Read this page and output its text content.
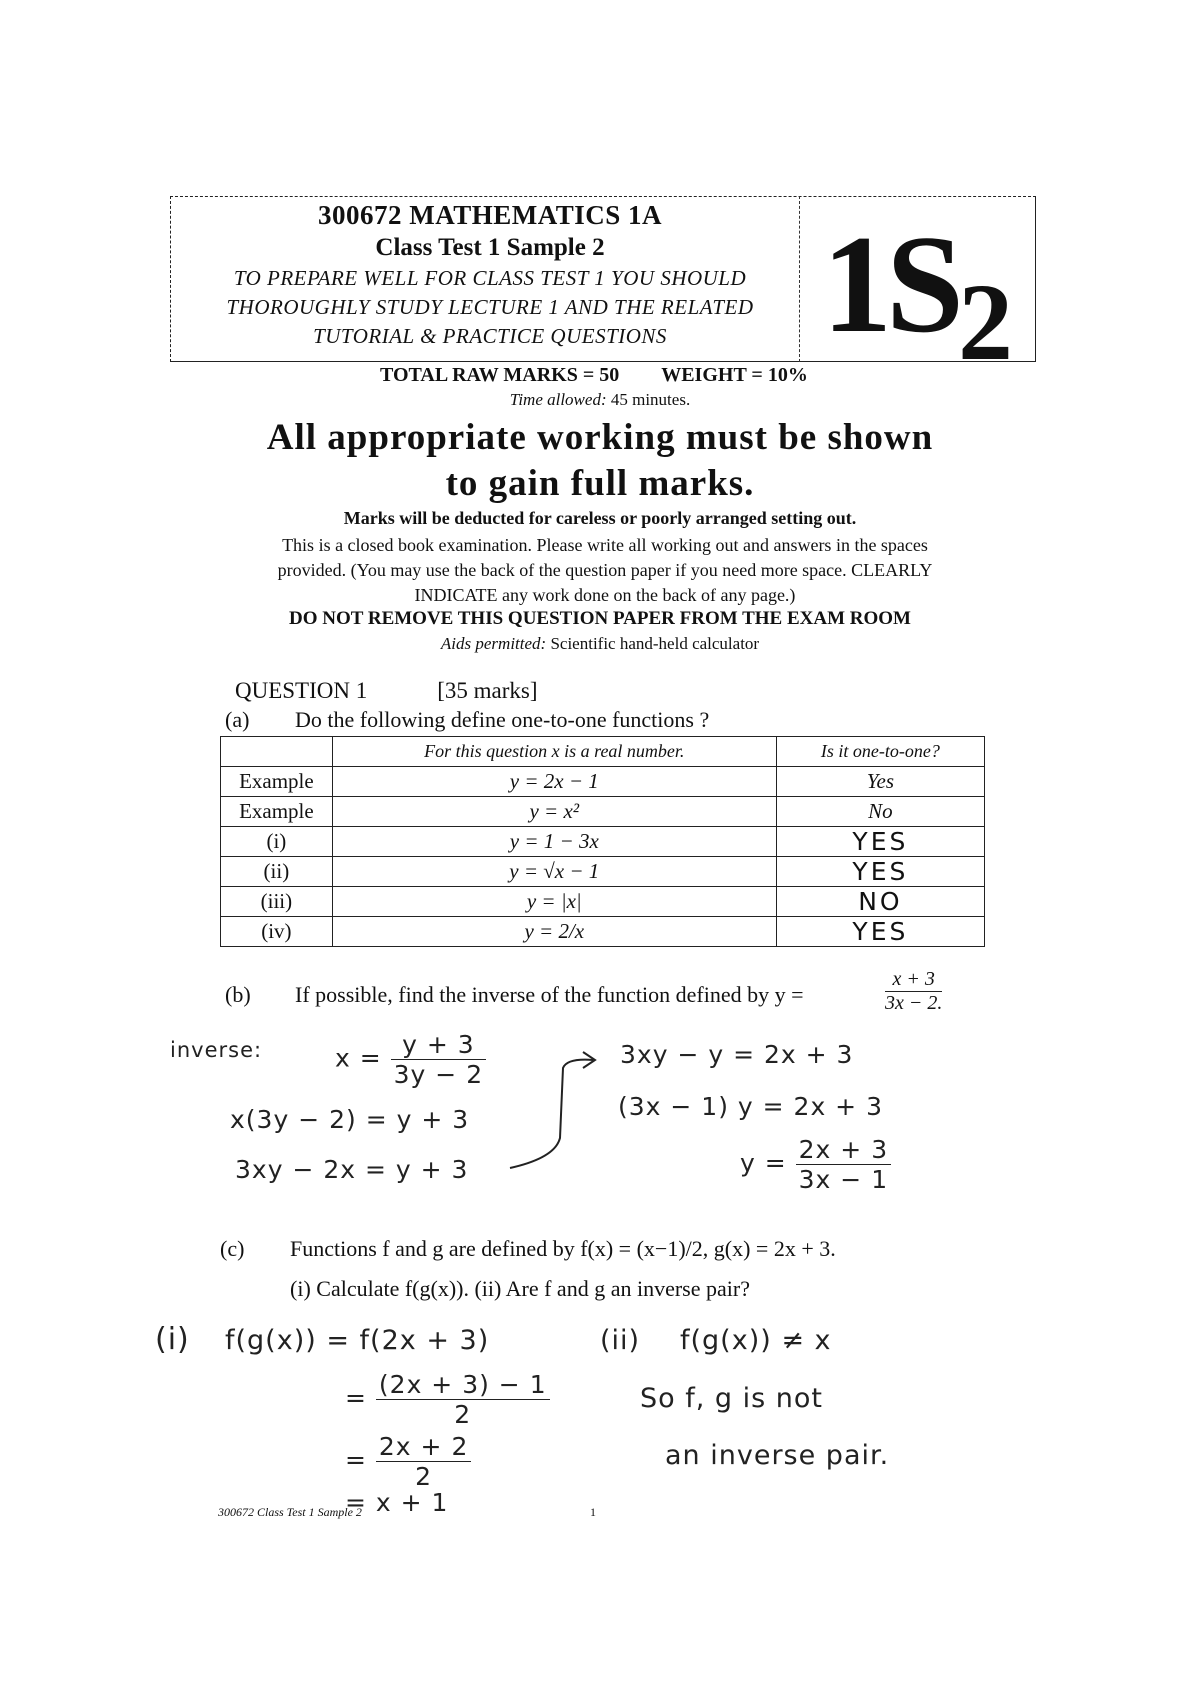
300672 MATHEMATICS 1A
Class Test 1 Sample 2
TO PREPARE WELL FOR CLASS TEST 1 YOU SHOULD
THOROUGHLY STUDY LECTURE 1 AND THE RELATED
TUTORIAL & PRACTICE QUESTIONS	$1S_2$
TOTAL RAW MARKS = 50 WEIGHT = 10%
Time allowed: 45 minutes.
All appropriate working must be shown
to gain full marks.
Marks will be deducted for careless or poorly arranged setting out.
This is a closed book examination. Please write all working out and answers in the spaces provided. (You may use the back of the question paper if you need more space. CLEARLY INDICATE any work done on the back of any page.)
DO NOT REMOVE THIS QUESTION PAPER FROM THE EXAM ROOM
Aids permitted: Scientific hand-held calculator
QUESTION 1	[35 marks]
(a) Do the following define one-to-one functions ?
	For this question x is a real number.	Is it one-to-one?
Example	y = 2x − 1	Yes
Example	y = x²	No
(i)	y = 1 − 3x	YES
(ii)	y = √x − 1	YES
(iii)	y = |x|	NO
(iv)	y = 2/x	YES
(b) If possible, find the inverse of the function defined by y =
x + 3
3x − 2.
inverse:	$x = \frac{y + 3}{3y - 2}$
x(3y − 2) = y + 3
3xy − 2x = y + 3
3xy − y = 2x + 3
(3x − 1) y = 2x + 3
$y = \frac{2x + 3}{3x - 1}$
(c) Functions f and g are defined by f(x) = (x−1)/2, g(x) = 2x + 3.
(i) Calculate f(g(x)). (ii) Are f and g an inverse pair?
(i) f(g(x)) = f(2x + 3)
= $\frac{(2x + 3) - 1}{2}$
= $\frac{2x + 2}{2}$
= x + 1
(ii) f(g(x)) ≠ x
So f, g is not
an inverse pair.
300672 Class Test 1 Sample 2	1
